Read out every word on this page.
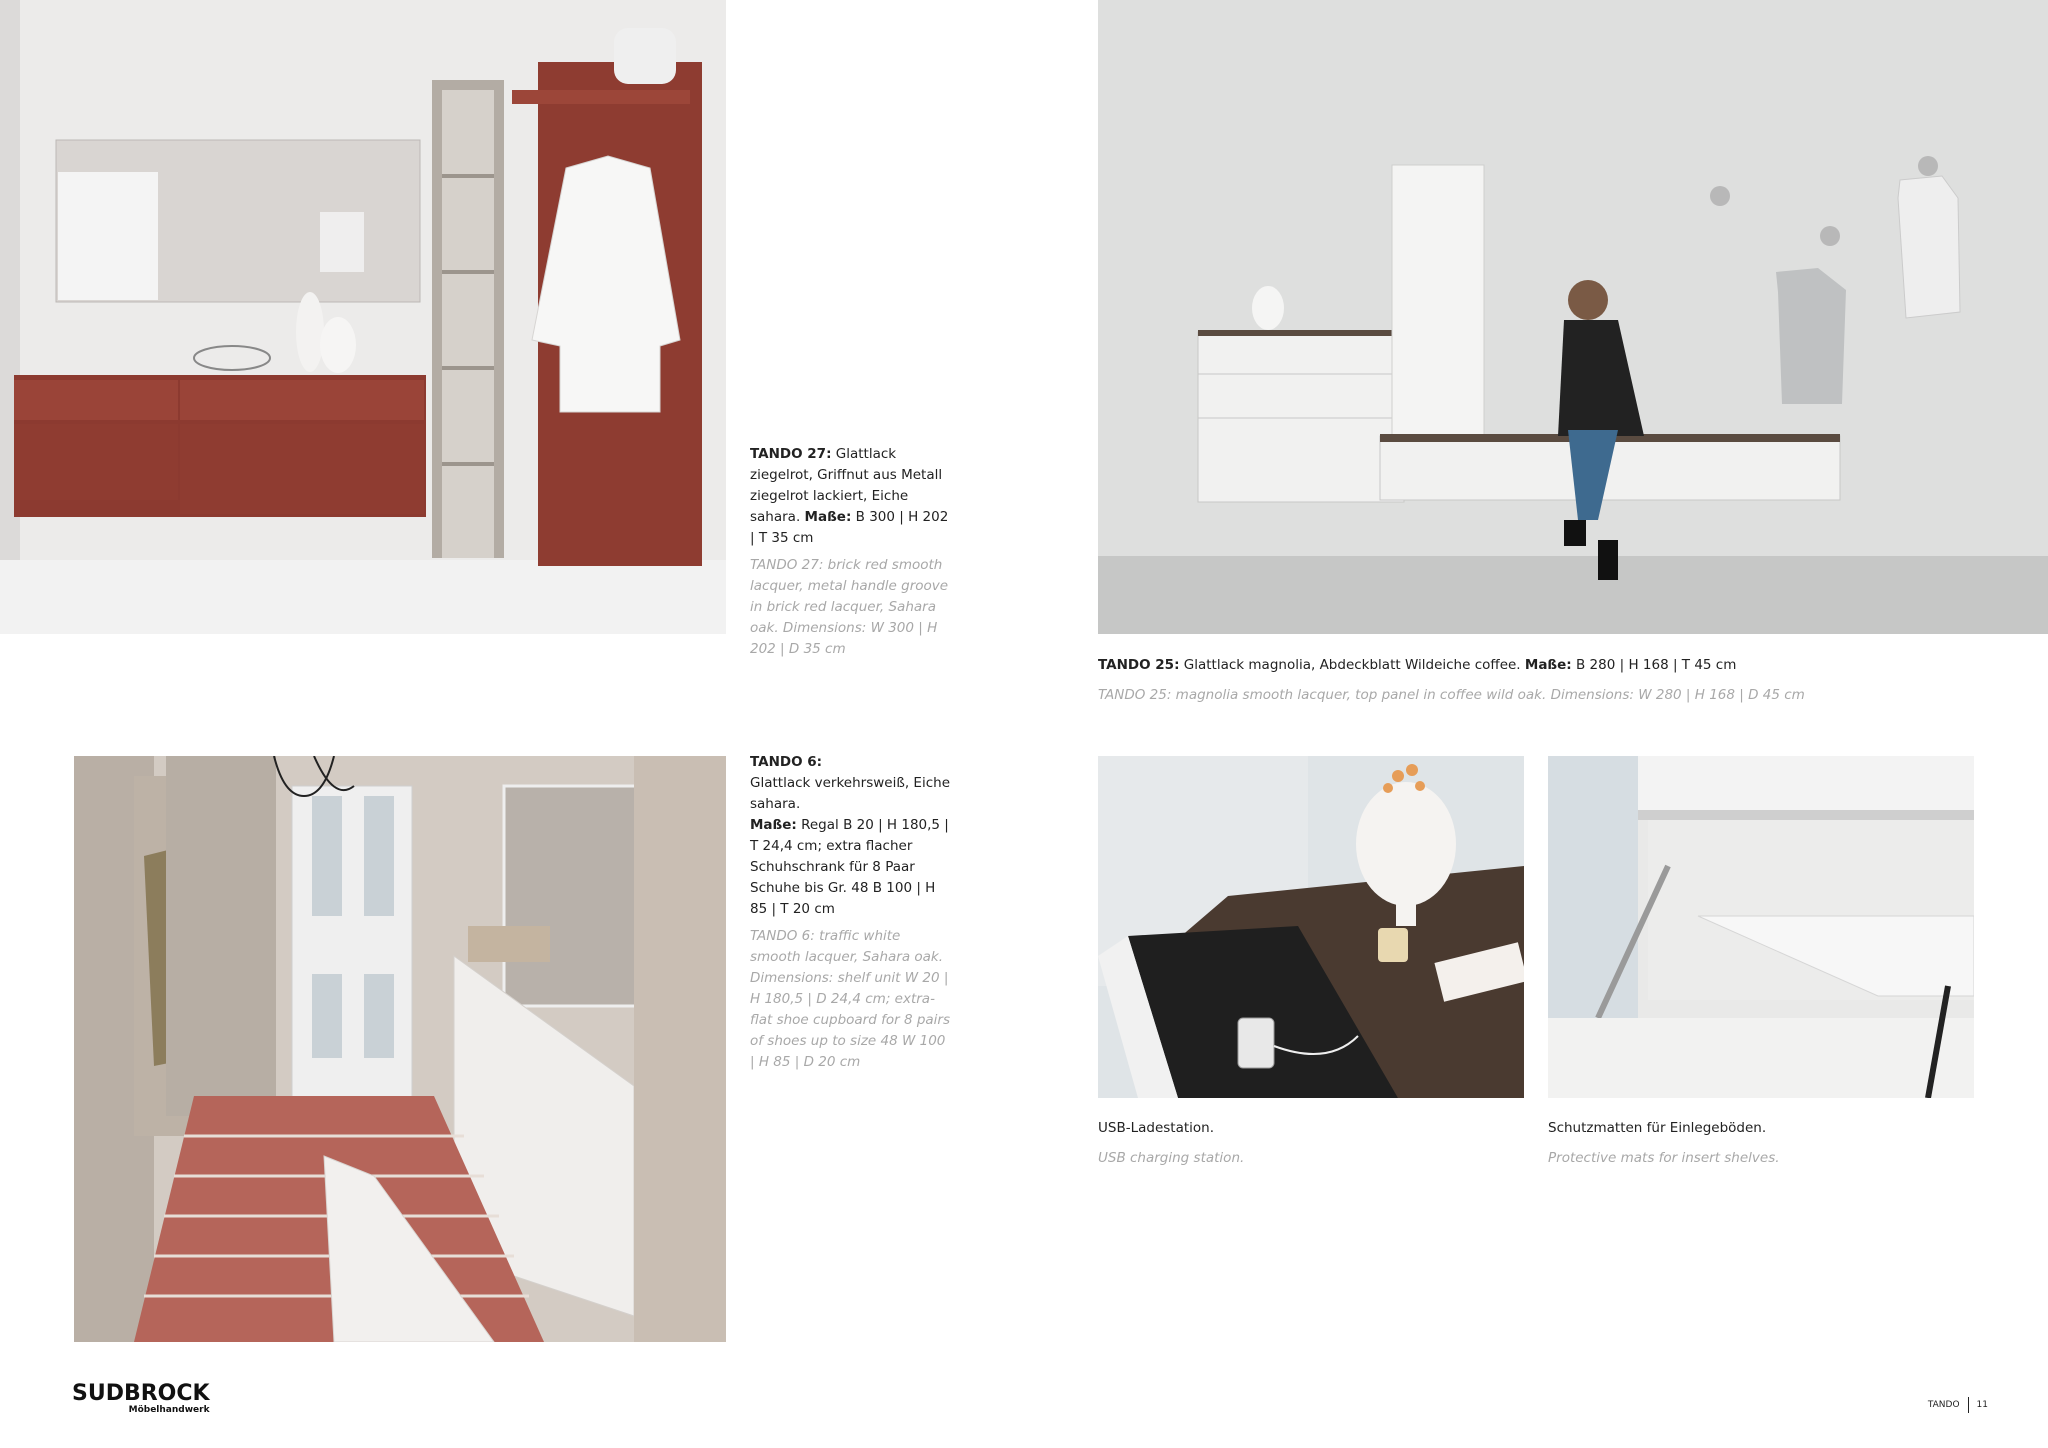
TANDO 27: Glattlack ziegelrot, Griffnut aus Metall ziegelrot lackiert, Eiche sahara. Maße: B 300 | H 202 | T 35 cm

TANDO 27: brick red smooth lacquer, metal handle groove in brick red lacquer, Sahara oak. Dimensions: W 300 | H 202 | D 35 cm

TANDO 25: Glattlack magnolia, Abdeckblatt Wildeiche coffee. Maße: B 280 | H 168 | T 45 cm

TANDO 25: magnolia smooth lacquer, top panel in coffee wild oak. Dimensions: W 280 | H 168 | D 45 cm

TANDO 6:
Glattlack verkehrsweiß, Eiche sahara.
Maße: Regal B 20 | H 180,5 | T 24,4 cm; extra flacher Schuhschrank für 8 Paar Schuhe bis Gr. 48 B 100 | H 85 | T 20 cm

TANDO 6: traffic white smooth lacquer, Sahara oak. Dimensions: shelf unit W 20 | H 180,5 | D 24,4 cm; extra-flat shoe cupboard for 8 pairs of shoes up to size 48 W 100 | H 85 | D 20 cm

USB-Ladestation.

USB charging station.

Schutzmatten für Einlegeböden.

Protective mats for insert shelves.

SUDBROCK
Möbelhandwerk	TANDO 11
